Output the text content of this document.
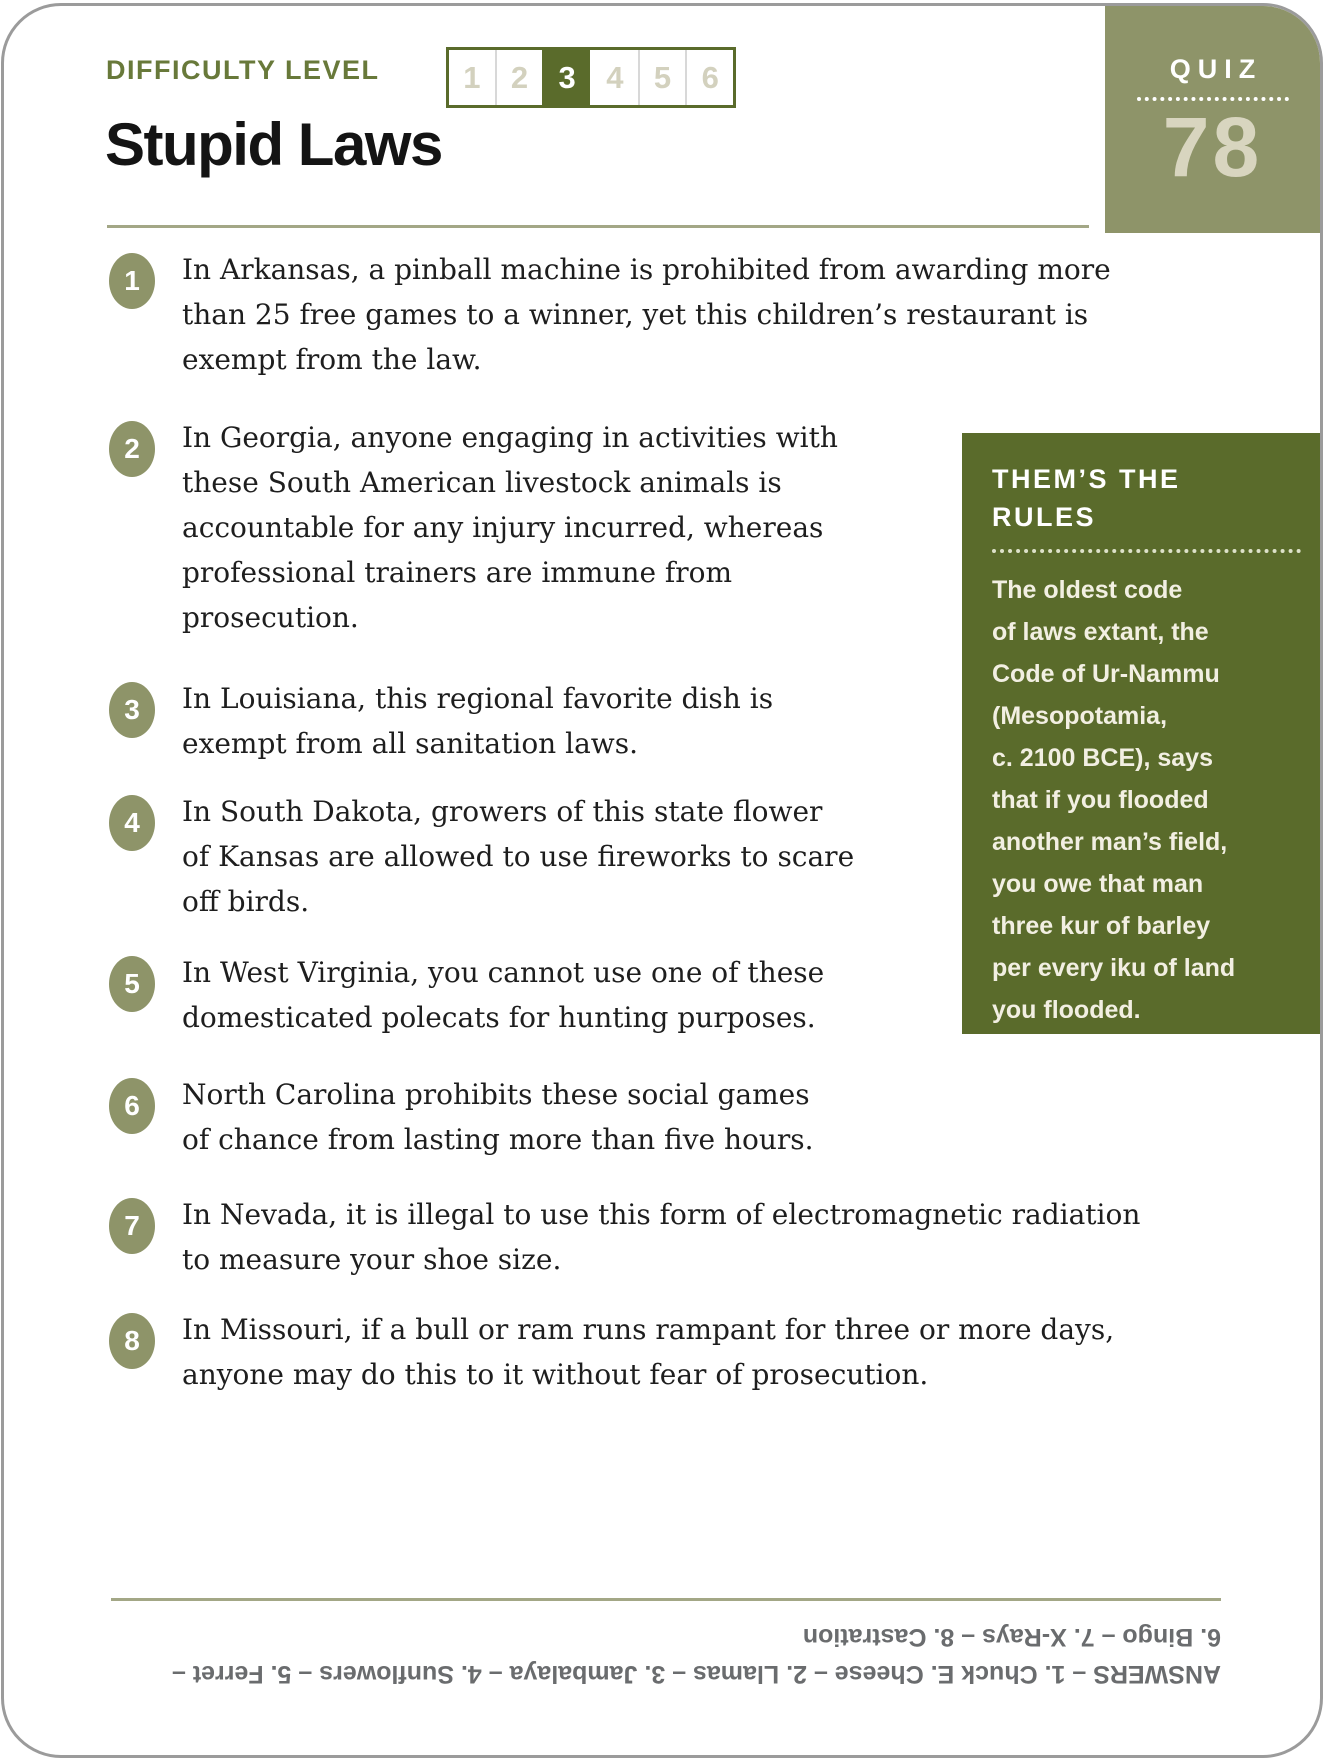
DIFFICULTY LEVEL	1 2 3 4 5 6	QUIZ
78
Stupid Laws
1	In Arkansas, a pinball machine is prohibited from awarding more
than 25 free games to a winner, yet this children’s restaurant is
exempt from the law.
2	In Georgia, anyone engaging in activities with
these South American livestock animals is
accountable for any injury incurred, whereas
professional trainers are immune from
prosecution.
3	In Louisiana, this regional favorite dish is
exempt from all sanitation laws.
4	In South Dakota, growers of this state flower
of Kansas are allowed to use fireworks to scare
off birds.
5	In West Virginia, you cannot use one of these
domesticated polecats for hunting purposes.
6	North Carolina prohibits these social games
of chance from lasting more than five hours.
7	In Nevada, it is illegal to use this form of electromagnetic radiation
to measure your shoe size.
8	In Missouri, if a bull or ram runs rampant for three or more days,
anyone may do this to it without fear of prosecution.
THEM’S THE
RULES
The oldest code
of laws extant, the
Code of Ur-Nammu
(Mesopotamia,
c. 2100 BCE), says
that if you flooded
another man’s field,
you owe that man
three kur of barley
per every iku of land
you flooded.
ANSWERS – 1. Chuck E. Cheese – 2. Llamas – 3. Jambalaya – 4. Sunflowers – 5. Ferret –
6. Bingo – 7. X-Rays – 8. Castration
